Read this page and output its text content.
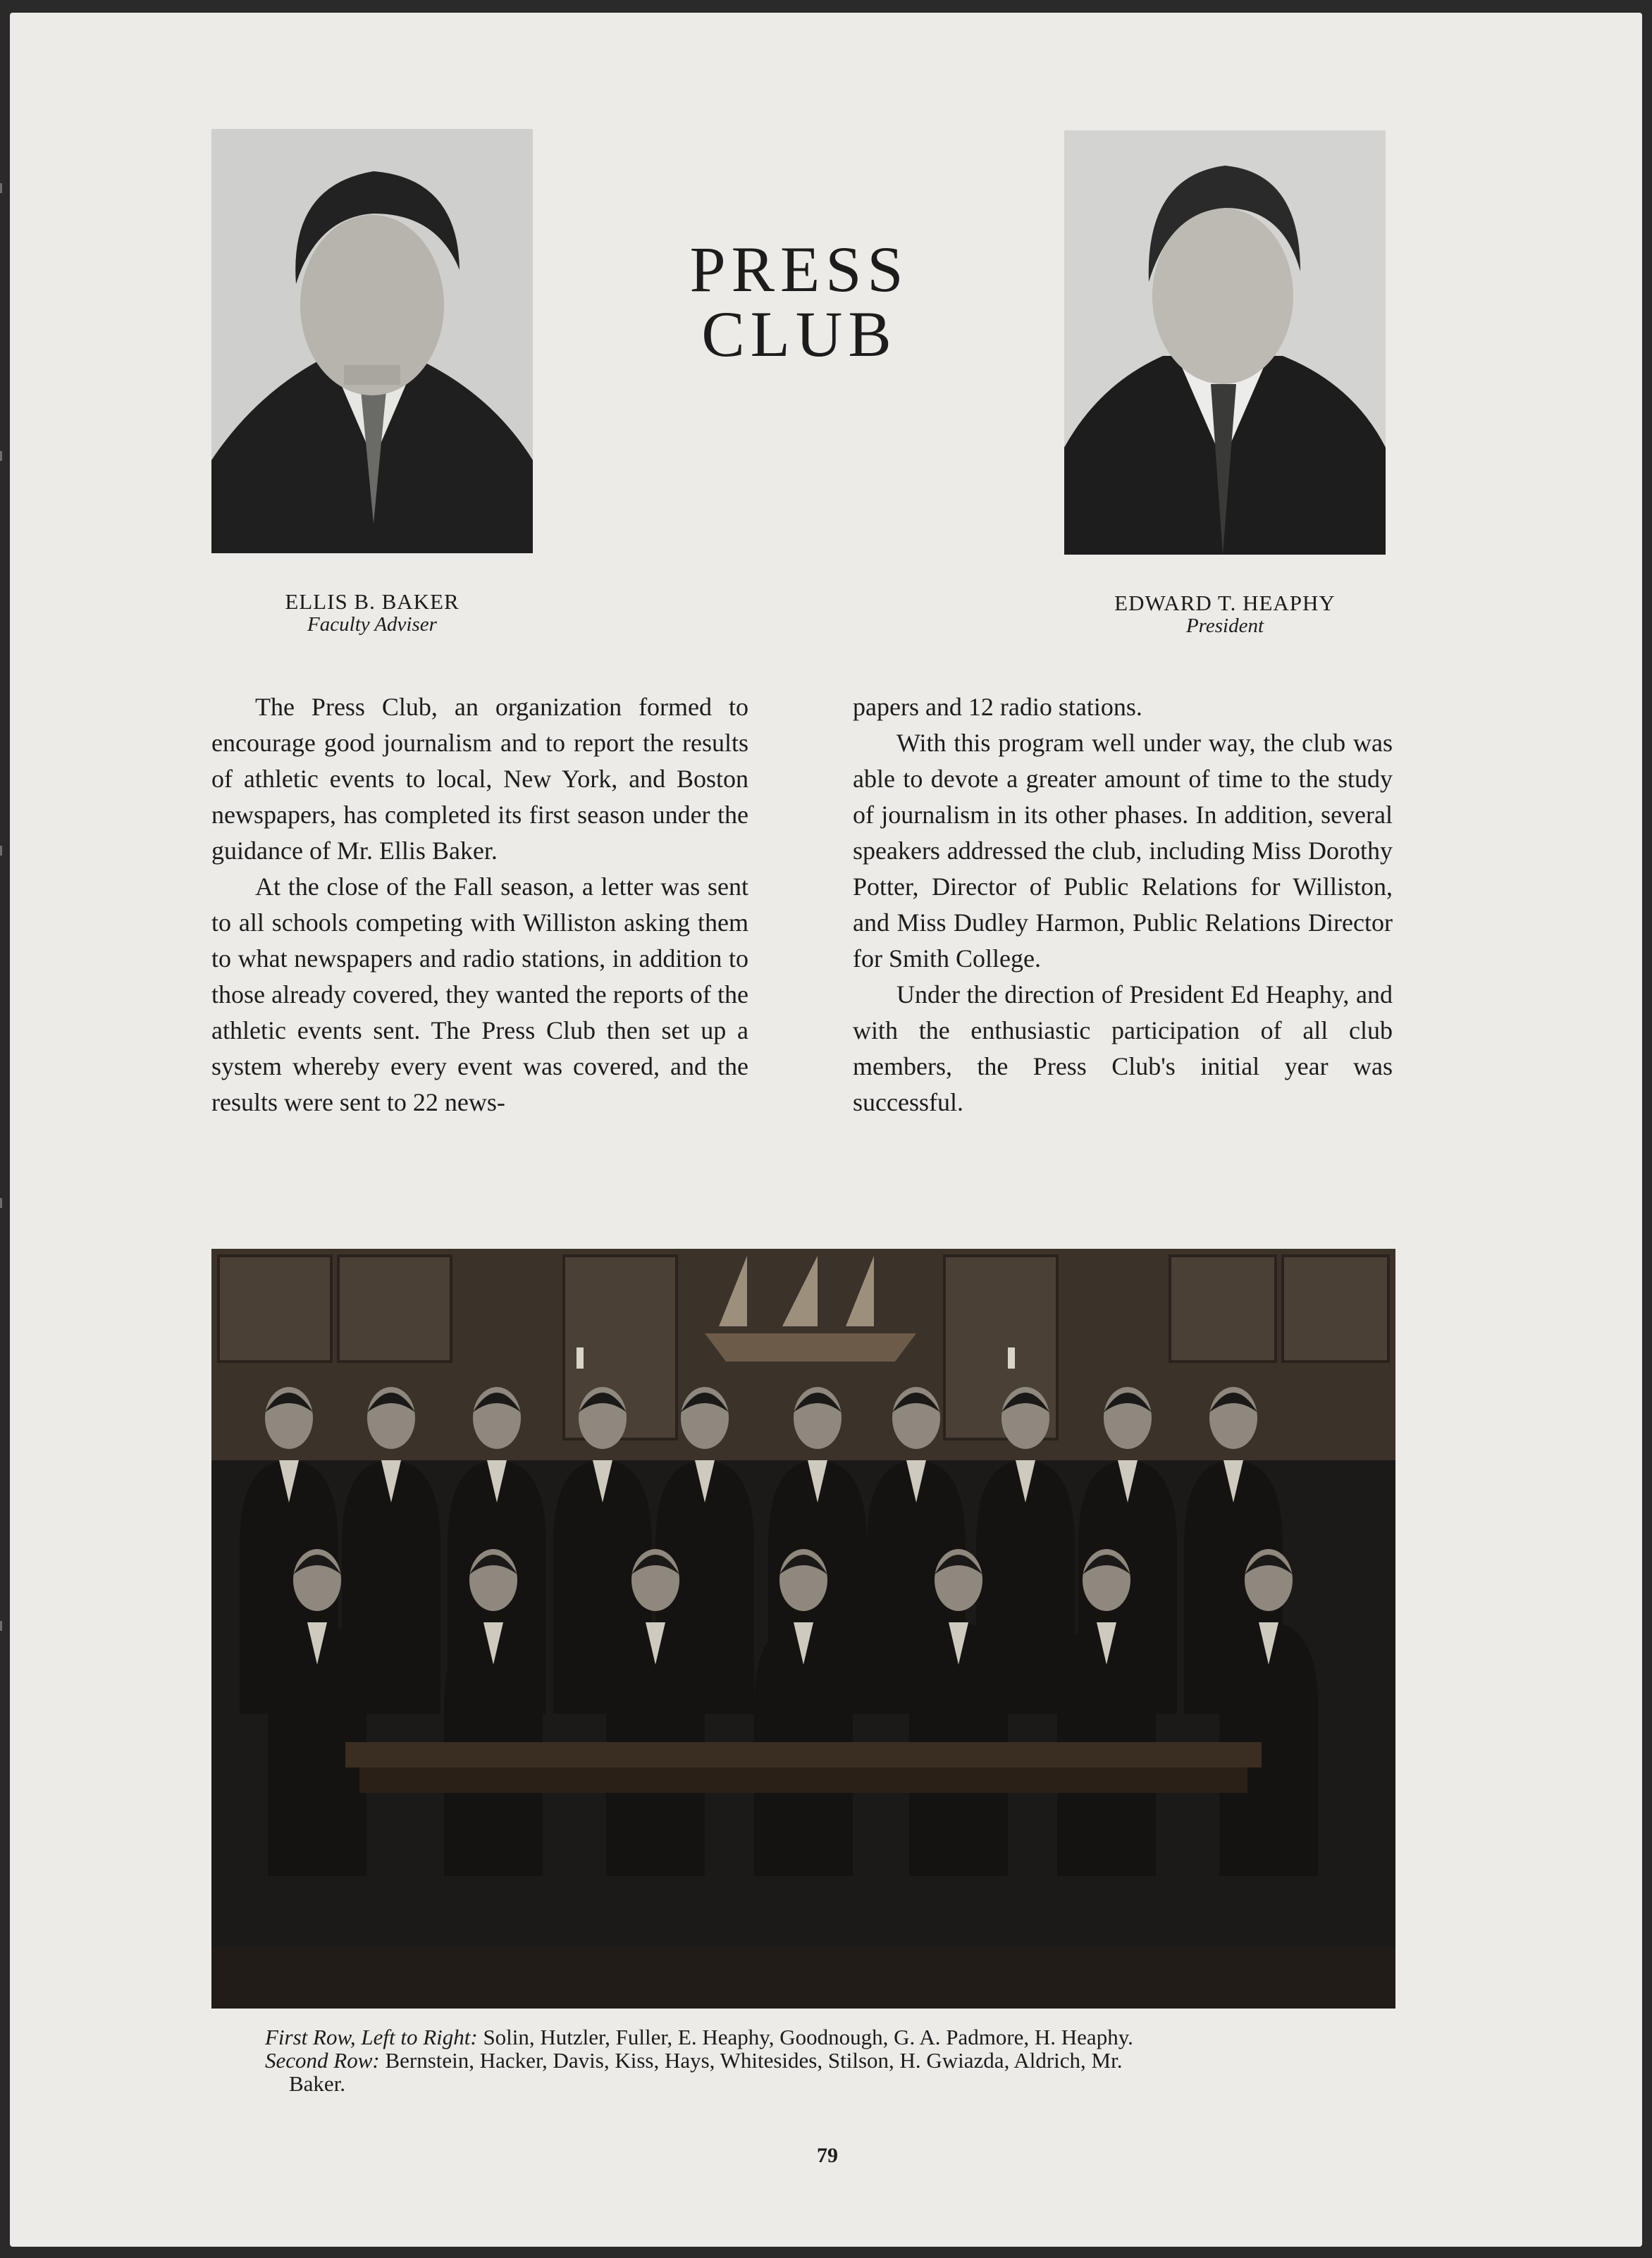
PRESS
CLUB
ELLIS B. BAKER
Faculty Adviser
EDWARD T. HEAPHY
President

The Press Club, an organization formed to encourage good journalism and to report the results of athletic events to local, New York, and Boston newspapers, has completed its first season under the guidance of Mr. Ellis Baker.

At the close of the Fall season, a letter was sent to all schools competing with Williston asking them to what newspapers and radio stations, in addition to those already covered, they wanted the reports of the athletic events sent. The Press Club then set up a system whereby every event was covered, and the results were sent to 22 news-

papers and 12 radio stations.

With this program well under way, the club was able to devote a greater amount of time to the study of journalism in its other phases. In addition, several speakers addressed the club, including Miss Dorothy Potter, Director of Public Relations for Williston, and Miss Dudley Harmon, Public Relations Director for Smith College.

Under the direction of President Ed Heaphy, and with the enthusiastic participation of all club members, the Press Club's initial year was successful.

First Row, Left to Right: Solin, Hutzler, Fuller, E. Heaphy, Goodnough, G. A. Padmore, H. Heaphy.
Second Row: Bernstein, Hacker, Davis, Kiss, Hays, Whitesides, Stilson, H. Gwiazda, Aldrich, Mr.
Baker.
79
